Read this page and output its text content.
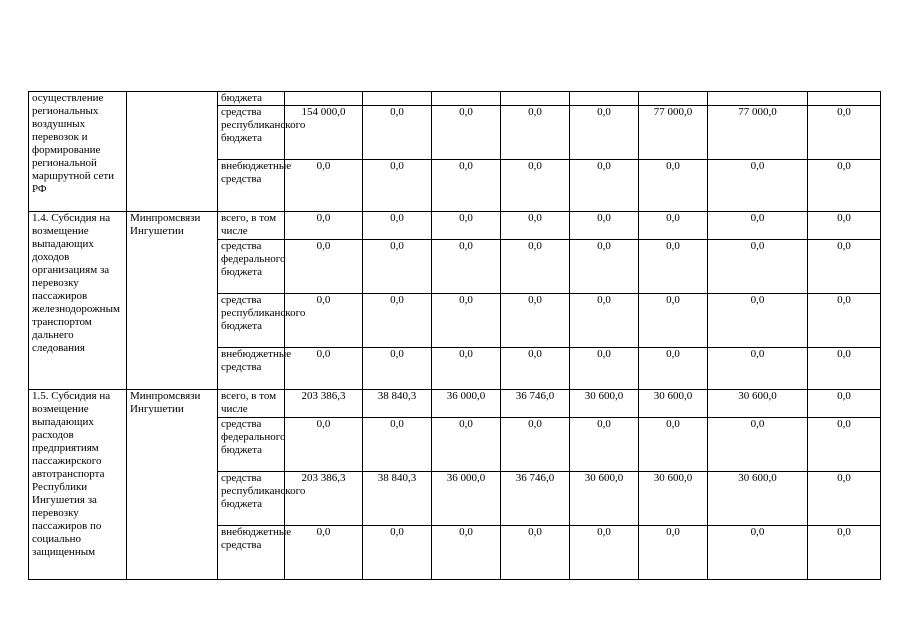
осуществление региональных воздушных перевозок и формирование региональной маршрутной сети РФ		бюджета								
		средства республиканского бюджета	154 000,0	0,0	0,0	0,0	0,0	77 000,0	77 000,0	0,0
		внебюджетные средства	0,0	0,0	0,0	0,0	0,0	0,0	0,0	0,0
1.4. Субсидия на возмещение выпадающих доходов организациям за перевозку пассажиров железнодорожным транспортом дальнего следования	Минпромсвязи Ингушетии	всего, в том числе	0,0	0,0	0,0	0,0	0,0	0,0	0,0	0,0
		средства федерального бюджета	0,0	0,0	0,0	0,0	0,0	0,0	0,0	0,0
		средства республиканского бюджета	0,0	0,0	0,0	0,0	0,0	0,0	0,0	0,0
		внебюджетные средства	0,0	0,0	0,0	0,0	0,0	0,0	0,0	0,0
1.5. Субсидия на возмещение выпадающих расходов предприятиям пассажирского автотранспорта Республики Ингушетия за перевозку пассажиров по социально защищенным	Минпромсвязи Ингушетии	всего, в том числе	203 386,3	38 840,3	36 000,0	36 746,0	30 600,0	30 600,0	30 600,0	0,0
		средства федерального бюджета	0,0	0,0	0,0	0,0	0,0	0,0	0,0	0,0
		средства республиканского бюджета	203 386,3	38 840,3	36 000,0	36 746,0	30 600,0	30 600,0	30 600,0	0,0
		внебюджетные средства	0,0	0,0	0,0	0,0	0,0	0,0	0,0	0,0
